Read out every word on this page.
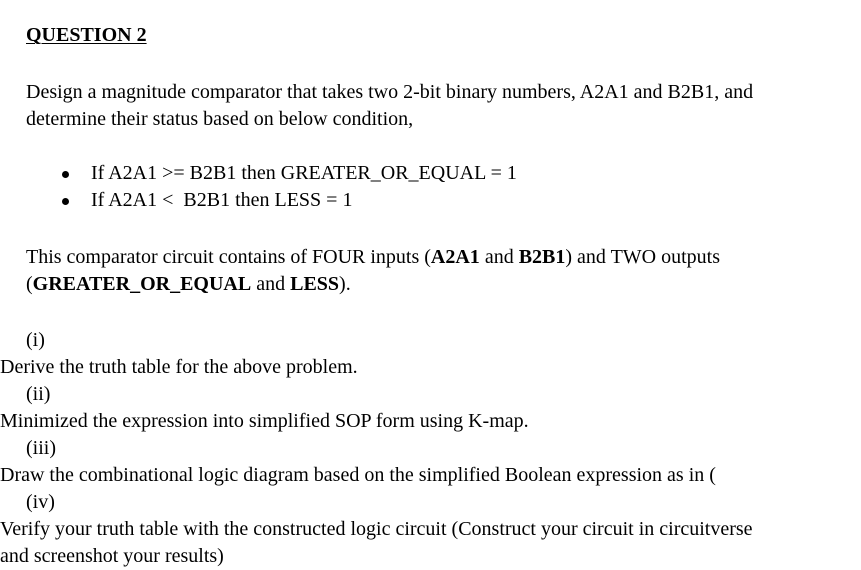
QUESTION 2
Design a magnitude comparator that takes two 2-bit binary numbers, A2A1 and B2B1, and
determine their status based on below condition,
If A2A1 >= B2B1 then GREATER_OR_EQUAL = 1
If A2A1 <  B2B1 then LESS = 1
This comparator circuit contains of FOUR inputs (A2A1 and B2B1) and TWO outputs
(GREATER_OR_EQUAL and LESS).
(i)
Derive the truth table for the above problem.
(ii)
Minimized the expression into simplified SOP form using K-map.
(iii)
Draw the combinational logic diagram based on the simplified Boolean expression as in (
(iv)
Verify your truth table with the constructed logic circuit (Construct your circuit in circuitverse
and screenshot your results)
